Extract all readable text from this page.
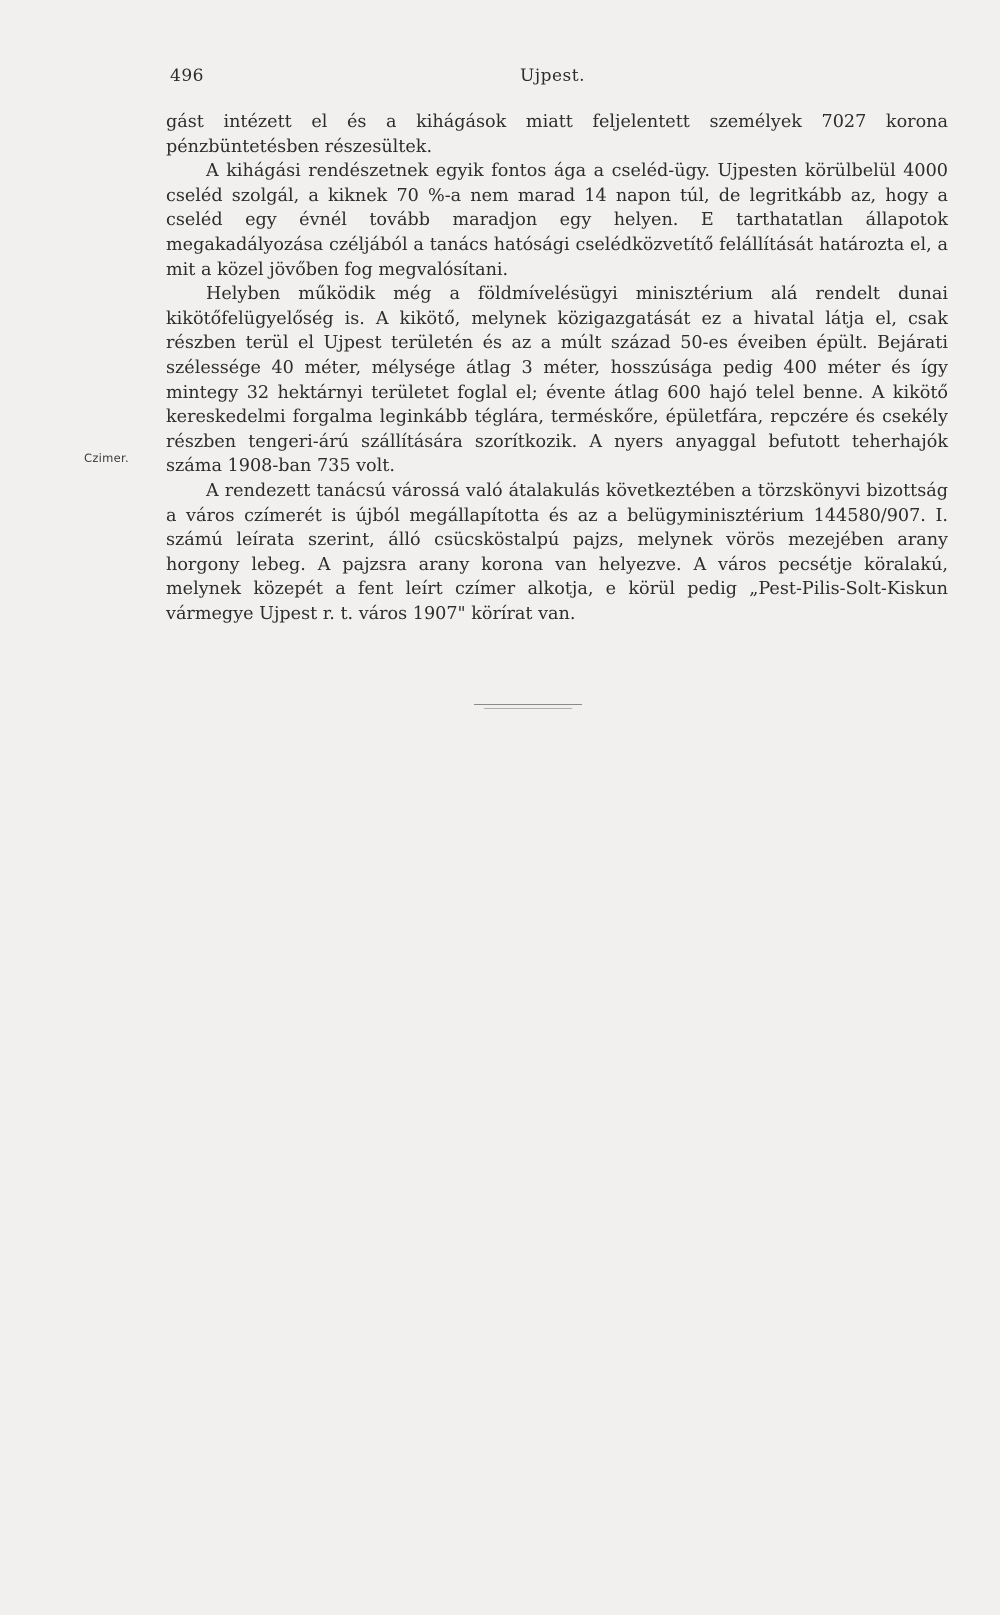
496	Ujpest.
Czimer.

gást intézett el és a kihágások miatt feljelentett személyek 7027 korona pénzbüntetésben részesültek.

A kihágási rendészetnek egyik fontos ága a cseléd-ügy. Ujpesten körülbelül 4000 cseléd szolgál, a kiknek 70 %-a nem marad 14 napon túl, de legritkább az, hogy a cseléd egy évnél tovább maradjon egy helyen. E tarthatatlan állapotok megakadályozása czéljából a tanács hatósági cselédközvetítő felállítását határozta el, a mit a közel jövőben fog megvalósítani.

Helyben működik még a földmívelésügyi minisztérium alá rendelt dunai kikötőfelügyelőség is. A kikötő, melynek közigazgatását ez a hivatal látja el, csak részben terül el Ujpest területén és az a múlt század 50-es éveiben épült. Bejárati szélessége 40 méter, mélysége átlag 3 méter, hosszúsága pedig 400 méter és így mintegy 32 hektárnyi területet foglal el; évente átlag 600 hajó telel benne. A kikötő kereskedelmi forgalma leginkább téglára, terméskőre, épületfára, repczére és csekély részben tengeri-árú szállítására szorítkozik. A nyers anyaggal befutott teherhajók száma 1908-ban 735 volt.

A rendezett tanácsú várossá való átalakulás következtében a törzskönyvi bizottság a város czímerét is újból megállapította és az a belügyminisztérium 144580/907. I. számú leírata szerint, álló csücsköstalpú pajzs, melynek vörös mezejében arany horgony lebeg. A pajzsra arany korona van helyezve. A város pecsétje köralakú, melynek közepét a fent leírt czímer alkotja, e körül pedig „Pest-Pilis-Solt-Kiskun vármegye Ujpest r. t. város 1907" körírat van.
